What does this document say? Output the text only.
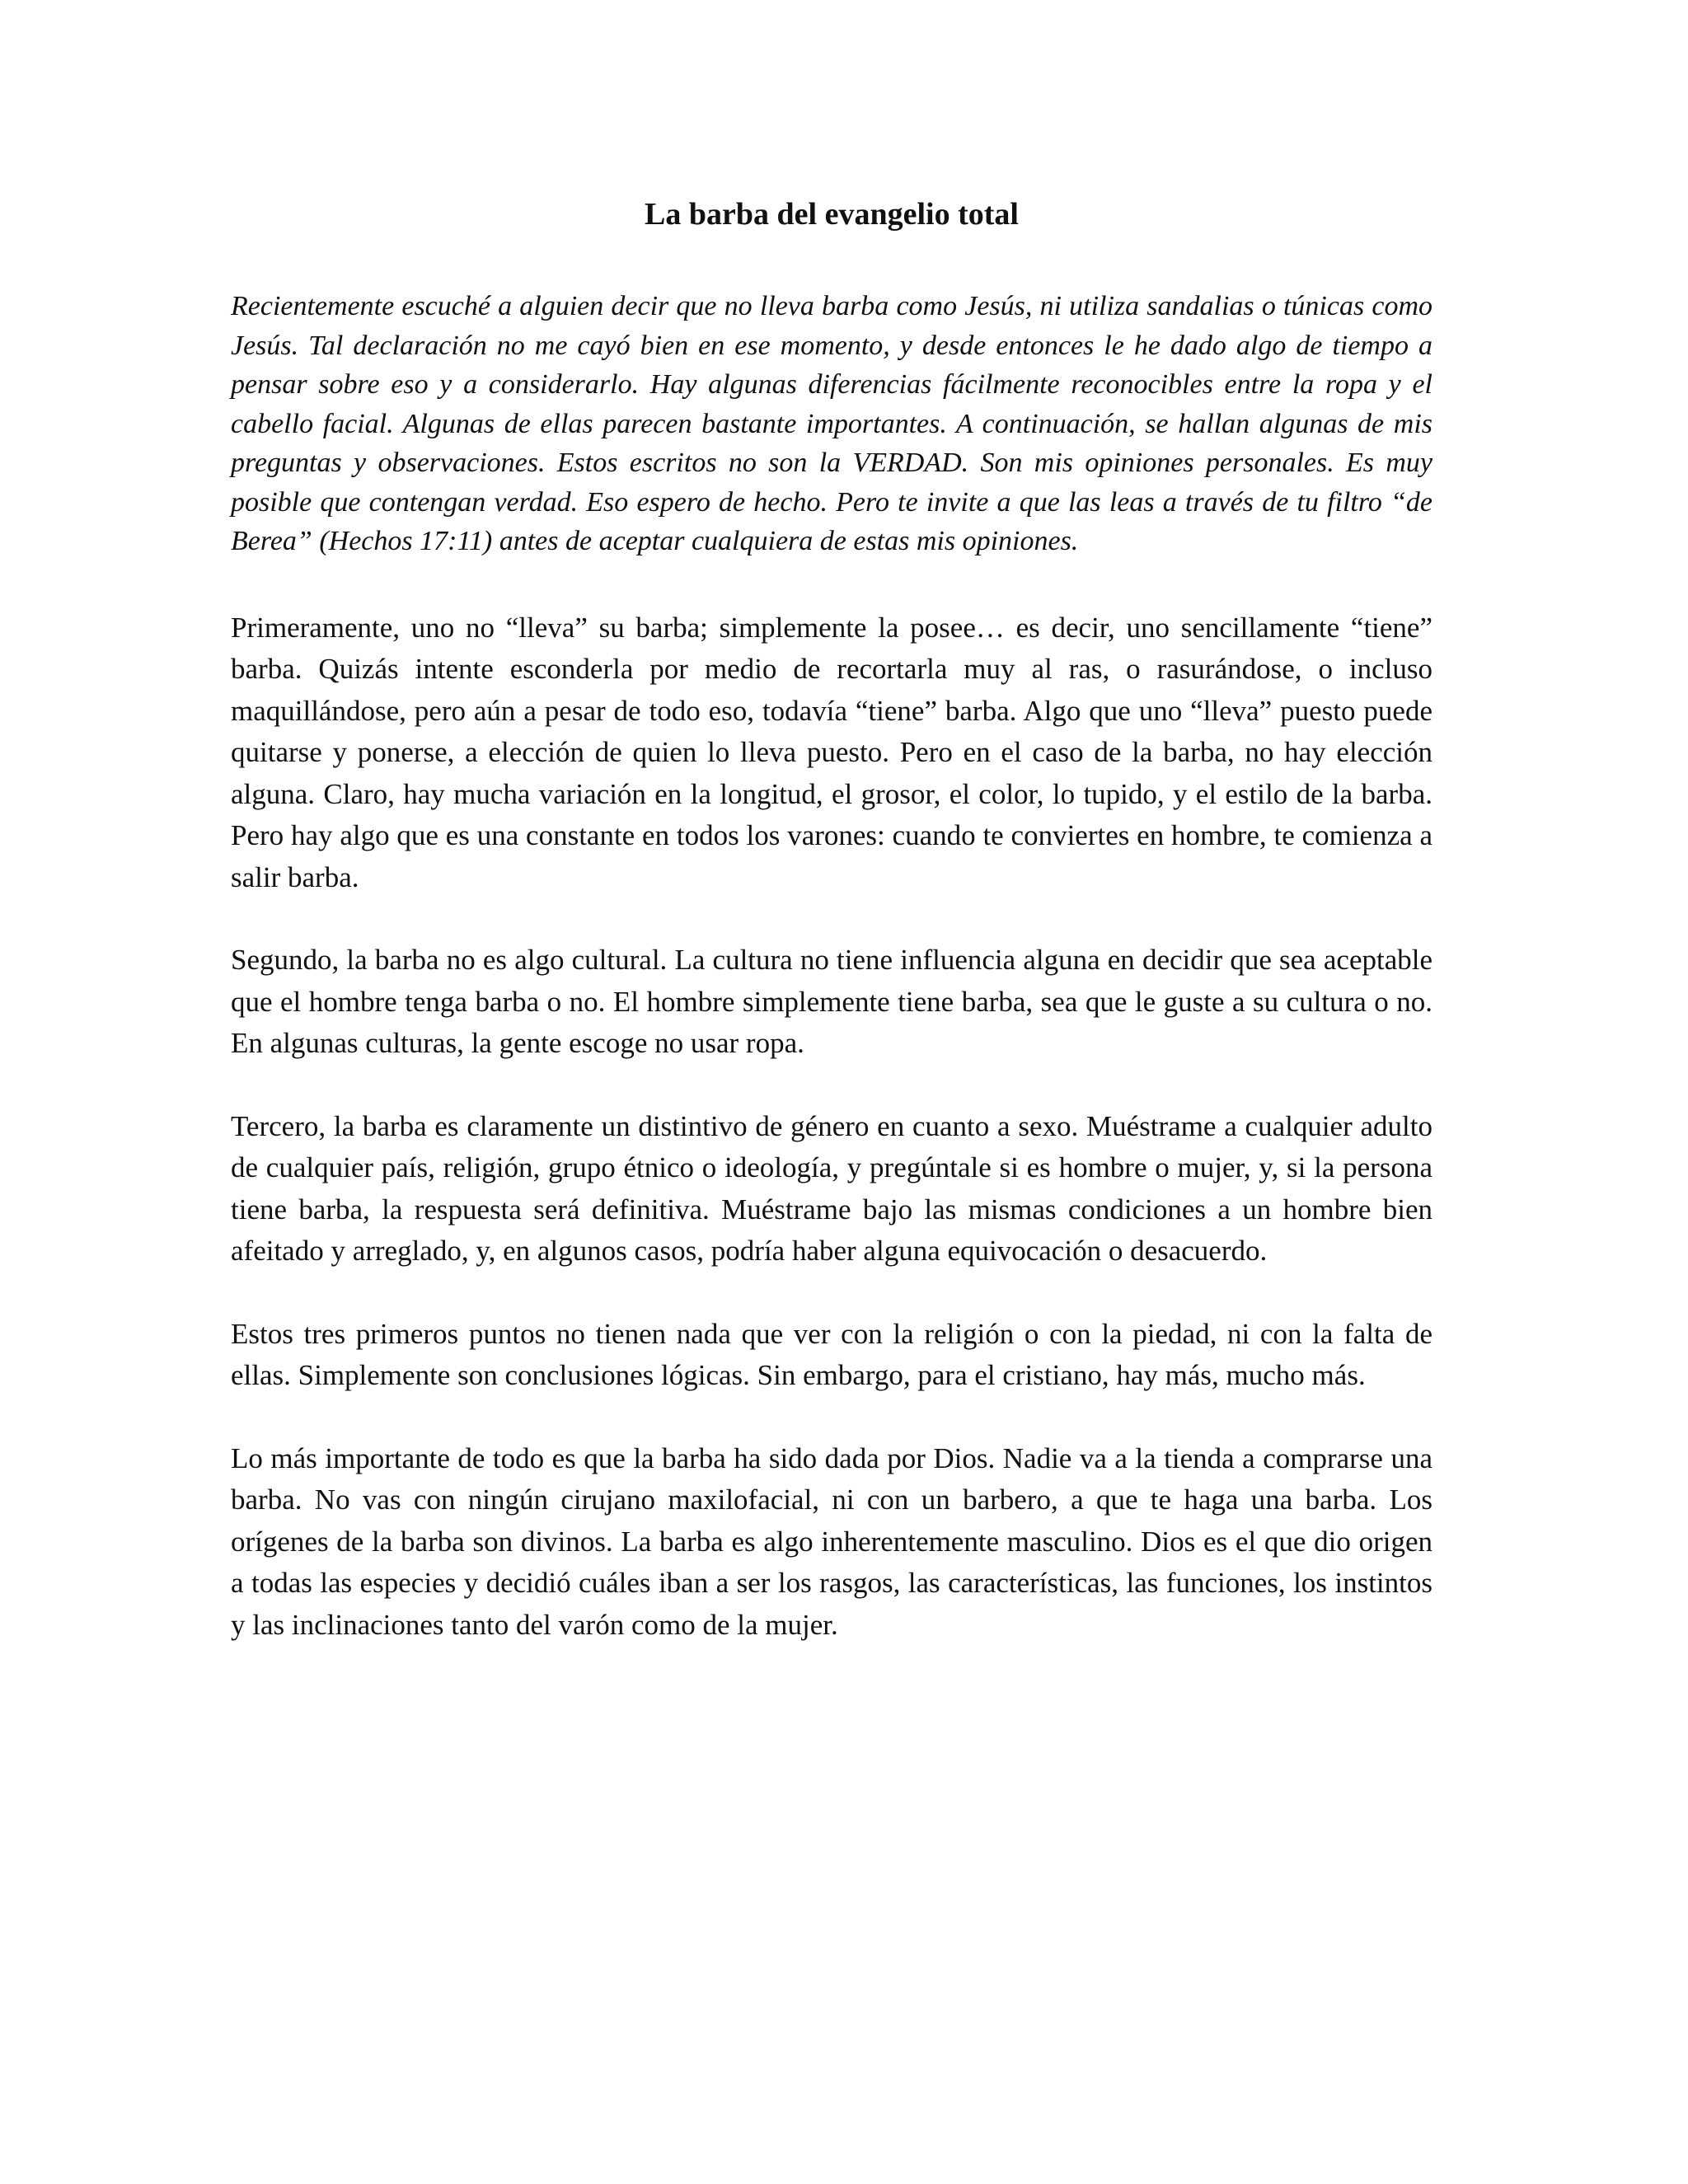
La barba del evangelio total

Recientemente escuché a alguien decir que no lleva barba como Jesús, ni utiliza sandalias o túnicas como Jesús. Tal declaración no me cayó bien en ese momento, y desde entonces le he dado algo de tiempo a pensar sobre eso y a considerarlo. Hay algunas diferencias fácilmente reconocibles entre la ropa y el cabello facial. Algunas de ellas parecen bastante importantes. A continuación, se hallan algunas de mis preguntas y observaciones. Estos escritos no son la VERDAD. Son mis opiniones personales. Es muy posible que contengan verdad. Eso espero de hecho. Pero te invite a que las leas a través de tu filtro “de Berea” (Hechos 17:11) antes de aceptar cualquiera de estas mis opiniones.

Primeramente, uno no “lleva” su barba; simplemente la posee… es decir, uno sencillamente “tiene” barba. Quizás intente esconderla por medio de recortarla muy al ras, o rasurándose, o incluso maquillándose, pero aún a pesar de todo eso, todavía “tiene” barba. Algo que uno “lleva” puesto puede quitarse y ponerse, a elección de quien lo lleva puesto. Pero en el caso de la barba, no hay elección alguna. Claro, hay mucha variación en la longitud, el grosor, el color, lo tupido, y el estilo de la barba. Pero hay algo que es una constante en todos los varones: cuando te conviertes en hombre, te comienza a salir barba.

Segundo, la barba no es algo cultural. La cultura no tiene influencia alguna en decidir que sea aceptable que el hombre tenga barba o no. El hombre simplemente tiene barba, sea que le guste a su cultura o no. En algunas culturas, la gente escoge no usar ropa.

Tercero, la barba es claramente un distintivo de género en cuanto a sexo. Muéstrame a cualquier adulto de cualquier país, religión, grupo étnico o ideología, y pregúntale si es hombre o mujer, y, si la persona tiene barba, la respuesta será definitiva. Muéstrame bajo las mismas condiciones a un hombre bien afeitado y arreglado, y, en algunos casos, podría haber alguna equivocación o desacuerdo.

Estos tres primeros puntos no tienen nada que ver con la religión o con la piedad, ni con la falta de ellas. Simplemente son conclusiones lógicas. Sin embargo, para el cristiano, hay más, mucho más.

Lo más importante de todo es que la barba ha sido dada por Dios. Nadie va a la tienda a comprarse una barba. No vas con ningún cirujano maxilofacial, ni con un barbero, a que te haga una barba. Los orígenes de la barba son divinos. La barba es algo inherentemente masculino. Dios es el que dio origen a todas las especies y decidió cuáles iban a ser los rasgos, las características, las funciones, los instintos y las inclinaciones tanto del varón como de la mujer.
